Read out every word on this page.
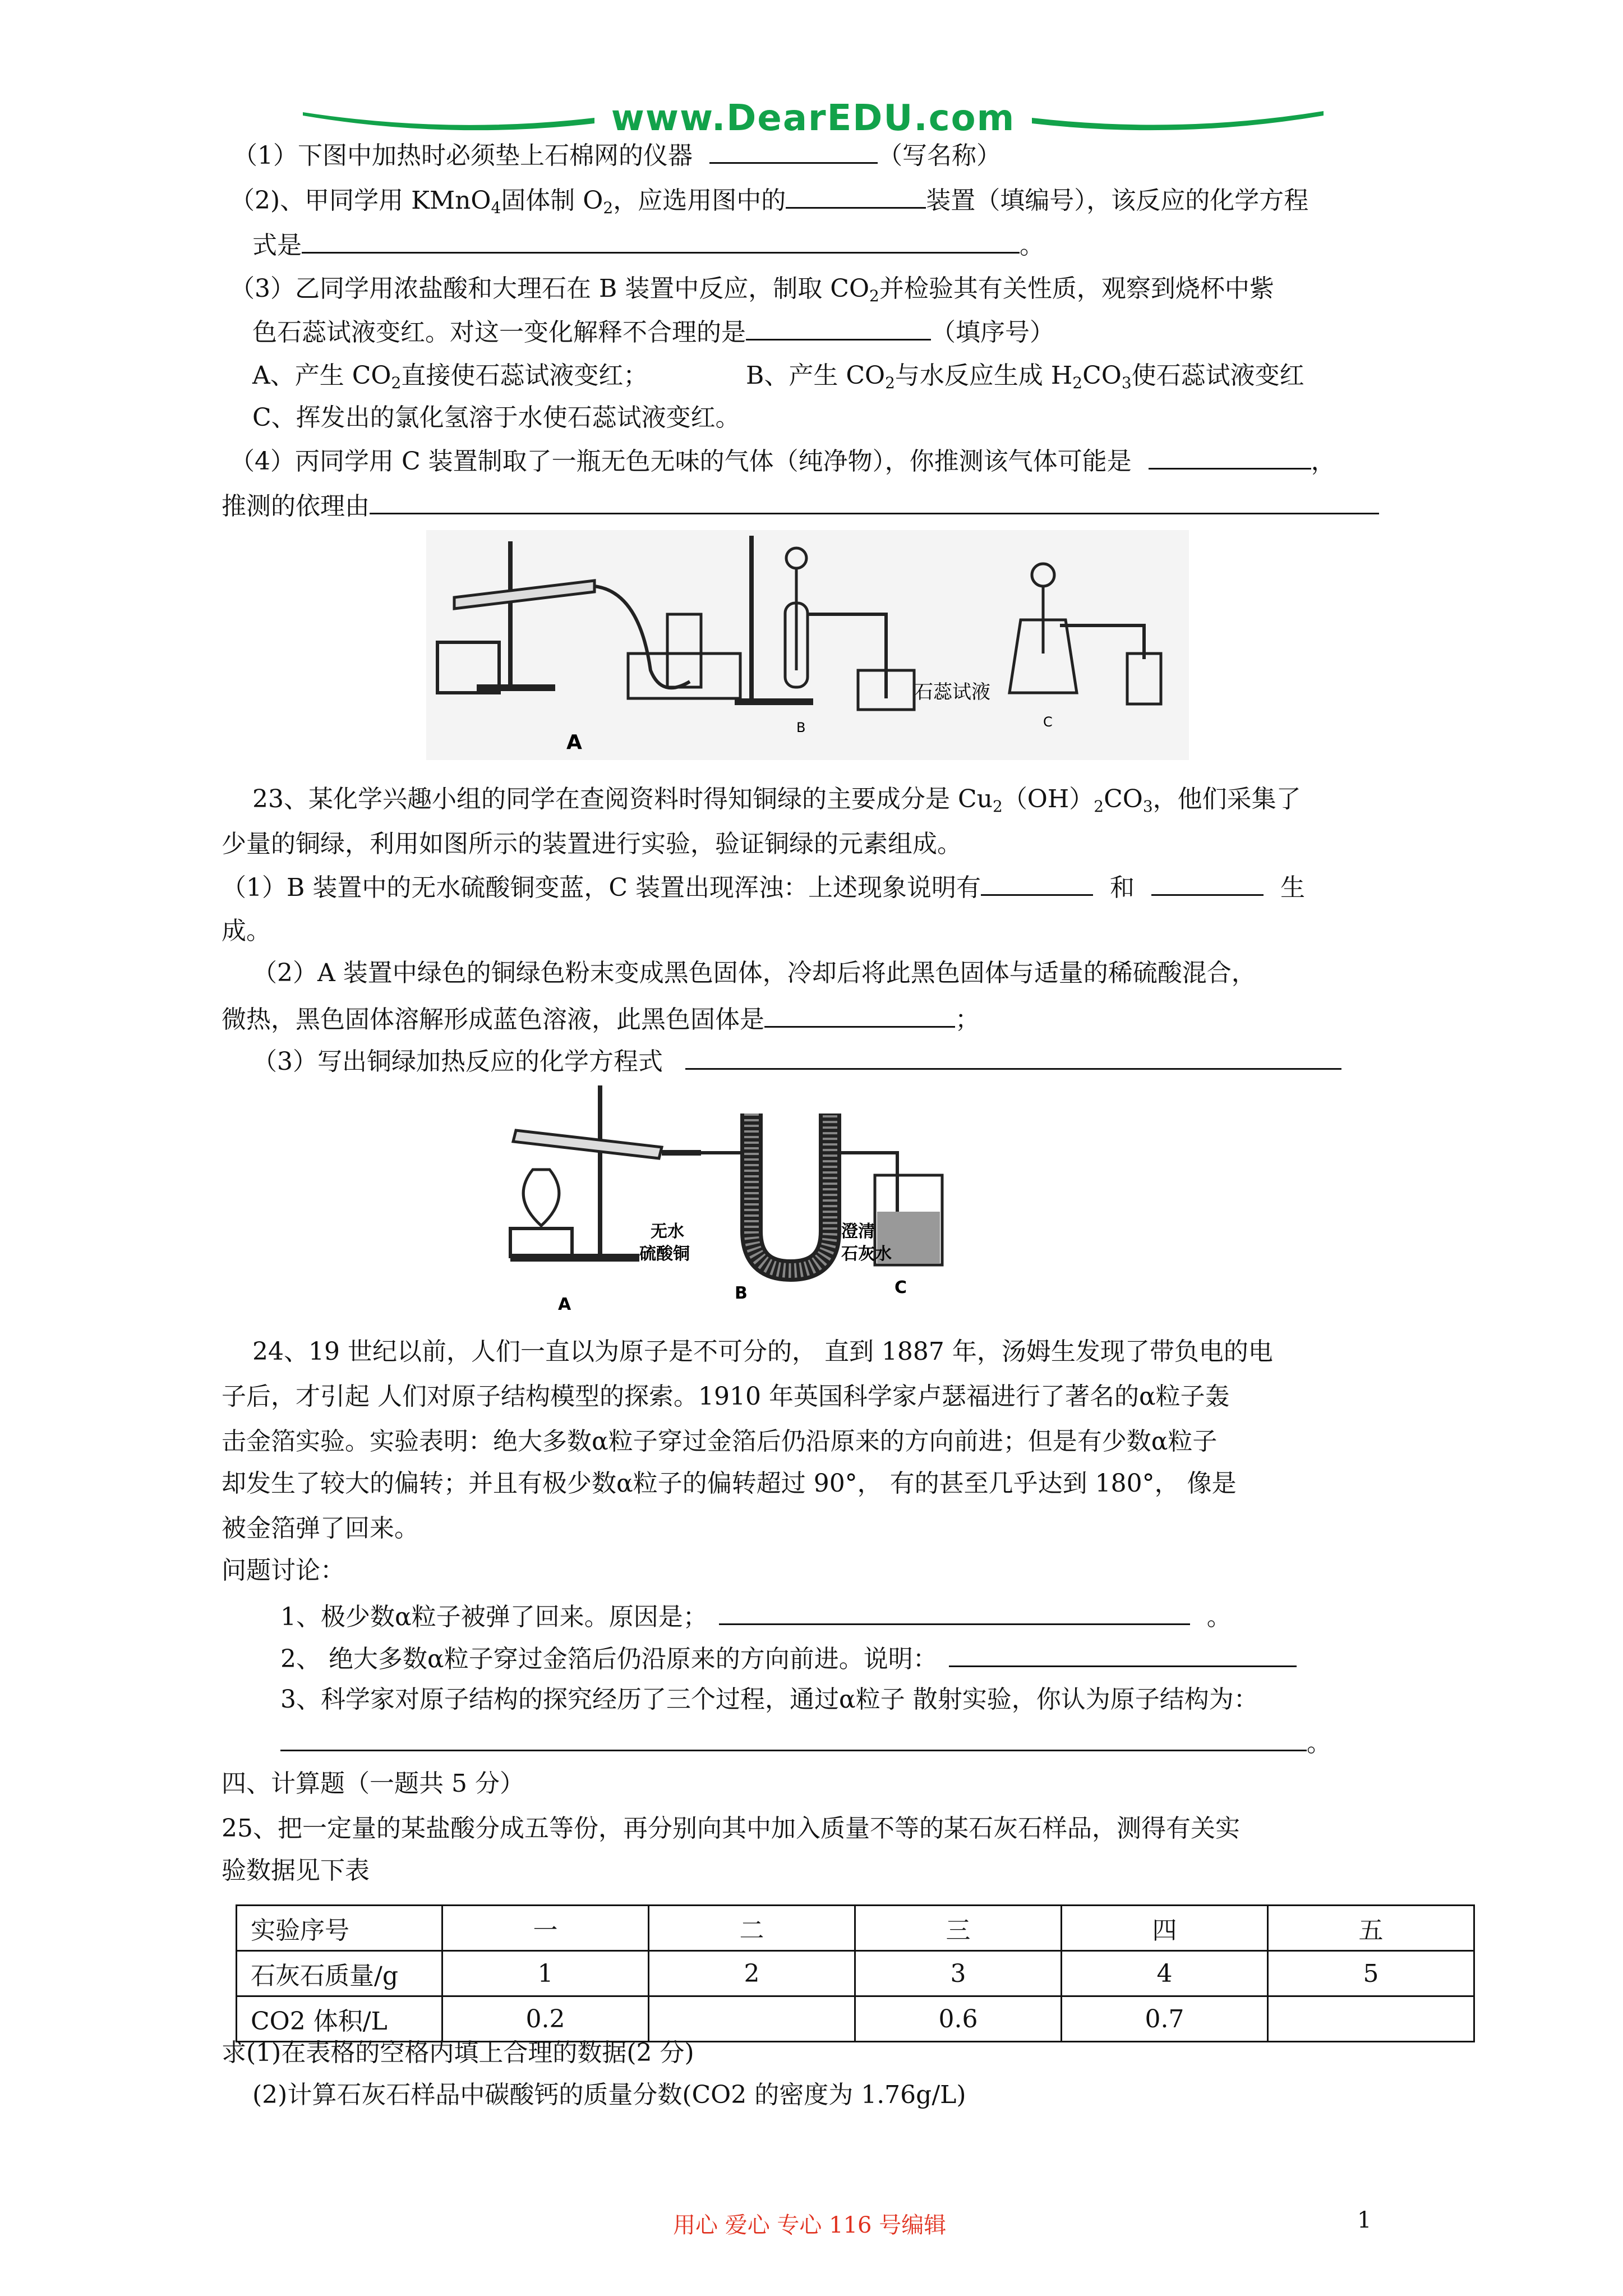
www.DearEDU.com
（1）下图中加热时必须垫上石棉网的仪器	（写名称）
（2)、甲同学用 KMnO$_4$固体制 $O_2$，应选用图中的	装置（填编号），该反应的化学方程
式是	。
（3）乙同学用浓盐酸和大理石在 B 装置中反应，制取 $CO_2$并检验其有关性质，观察到烧杯中紫
色石蕊试液变红。对这一变化解释不合理的是	（填序号）
A、产生 $CO_2$直接使石蕊试液变红；	B、产生 $CO_2$与水反应生成 $H_2CO_3$使石蕊试液变红
C、挥发出的氯化氢溶于水使石蕊试液变红。
（4）丙同学用 C 装置制取了一瓶无色无味的气体（纯净物），你推测该气体可能是	，
推测的依理由
A
石蕊试液
B	C
23、某化学兴趣小组的同学在查阅资料时得知铜绿的主要成分是 $Cu_2(OH)_2CO_3$，他们采集了
少量的铜绿，利用如图所示的装置进行实验，验证铜绿的元素组成。
（1）B 装置中的无水硫酸铜变蓝，C 装置出现浑浊：上述现象说明有	和	生
成。
（2）A 装置中绿色的铜绿色粉末变成黑色固体，冷却后将此黑色固体与适量的稀硫酸混合，
微热，黑色固体溶解形成蓝色溶液，此黑色固体是	；
（3）写出铜绿加热反应的化学方程式
无水
硫酸铜
澄清
石灰水
A
B	C
24、19 世纪以前，人们一直以为原子是不可分的， 直到 1887 年，汤姆生发现了带负电的电
子后，才引起 人们对原子结构模型的探索。1910 年英国科学家卢瑟福进行了著名的α粒子轰
击金箔实验。实验表明：绝大多数α粒子穿过金箔后仍沿原来的方向前进；但是有少数α粒子
却发生了较大的偏转；并且有极少数α粒子的偏转超过 90°， 有的甚至几乎达到 180°， 像是
被金箔弹了回来。
问题讨论：
1、极少数α粒子被弹了回来。原因是；	。
2、 绝大多数α粒子穿过金箔后仍沿原来的方向前进。说明：
3、科学家对原子结构的探究经历了三个过程，通过α粒子 散射实验，你认为原子结构为：
。
四、计算题（一题共 5 分）
25、把一定量的某盐酸分成五等份，再分别向其中加入质量不等的某石灰石样品，测得有关实
验数据见下表
实验序号	一	二	三	四	五
石灰石质量/g	1	2	3	4	5
CO2 体积/L	0.2		0.6	0.7	
求(1)在表格的空格内填上合理的数据(2 分)
(2)计算石灰石样品中碳酸钙的质量分数(CO2 的密度为 1.76g/L)
用心 爱心 专心 116 号编辑	1
